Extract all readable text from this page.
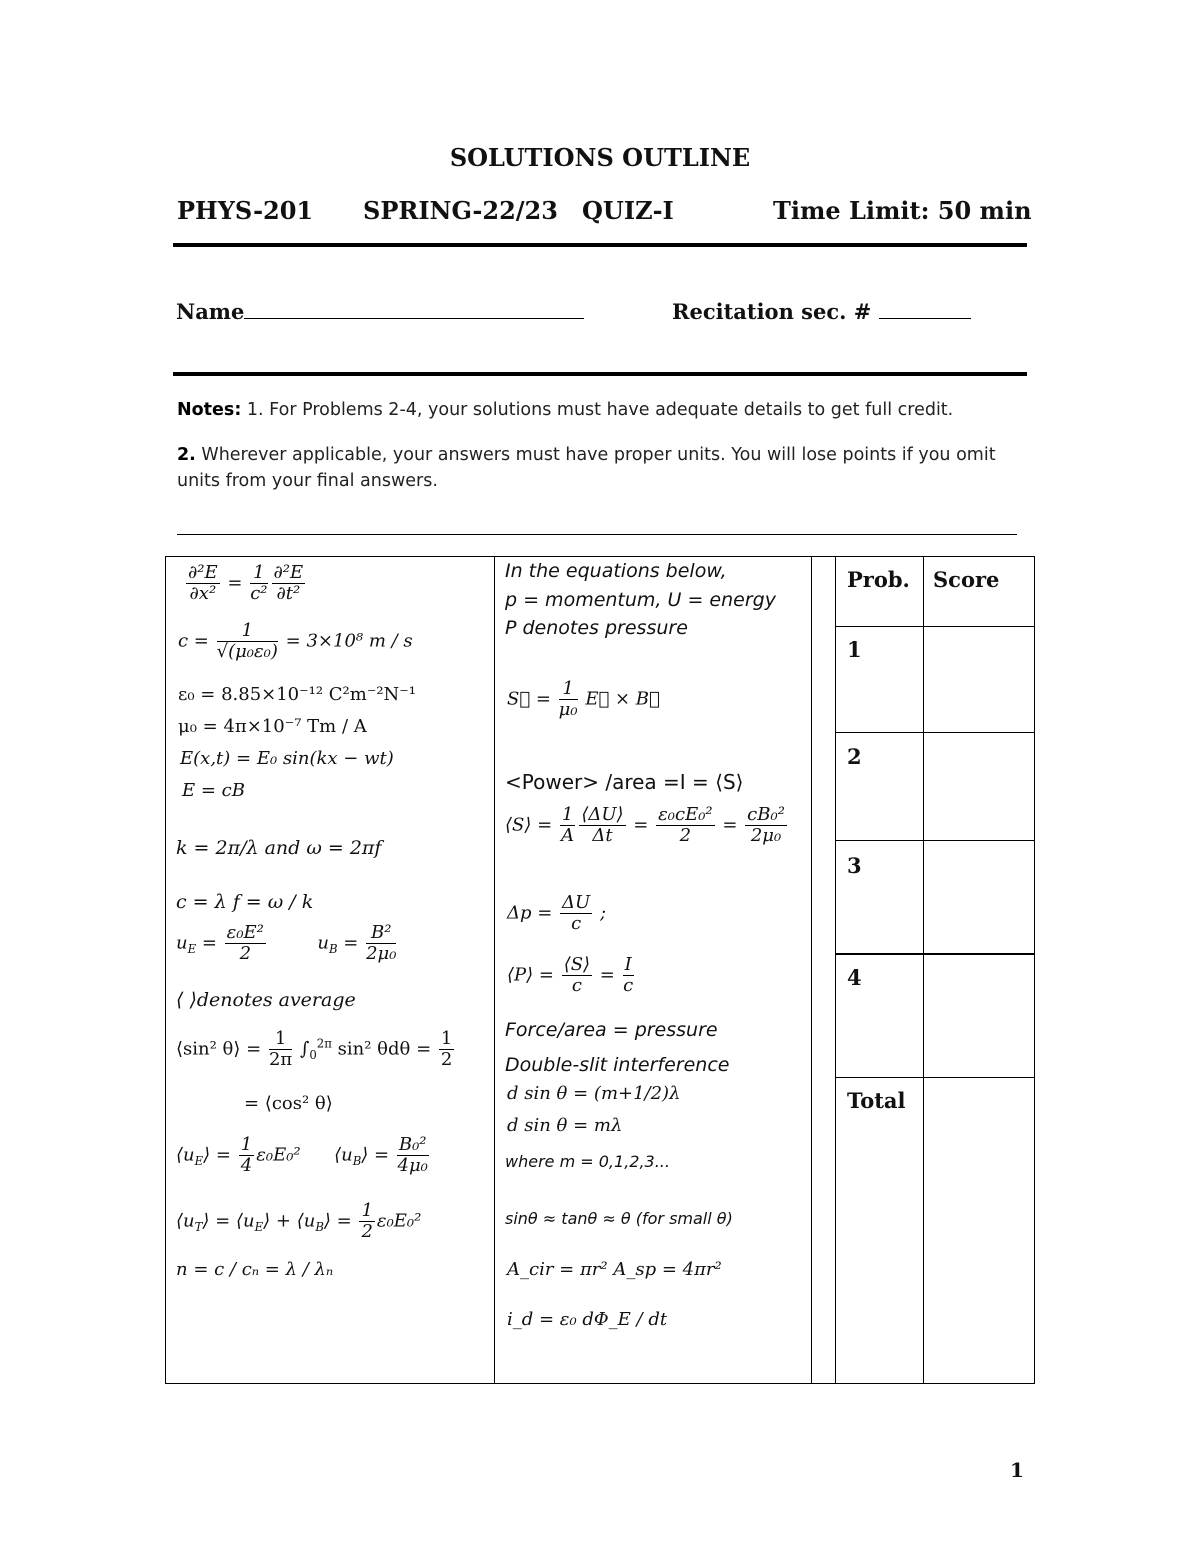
SOLUTIONS OUTLINE
PHYS-201 SPRING-22/23 QUIZ-I	Time Limit: 50 min
Name	Recitation sec. #
Notes: 1. For Problems 2-4, your solutions must have adequate details to get full credit.
2. Wherever applicable, your answers must have proper units. You will lose points if you omit units from your final answers.
Prob. Score
1
2
3
4
Total
$\frac{\text{∂²E}}{\text{∂x²}} = \frac{1}{\text{c²}} \frac{\text{∂²E}}{\text{∂t²}}$
$c = \frac{1}{\text{√(μ₀ε₀)}} = 3\times 10^8$ m / s
ε₀ = 8.85×10⁻¹² C²m⁻²N⁻¹
μ₀ = 4π×10⁻⁷ Tm / A
E(x,t) = E₀ sin(kx − wt)
E = cB
k = 2π/λ and ω = 2πf
c = λ f = ω / k
$u_E = \frac{\text{ε₀E²}}{2}$	$u_B = \frac{\text{B²}}{\text{2μ₀}}$
⟨ ⟩denotes average
⟨sin² θ⟩ = $\frac{1}{2\pi} \int_0^{2\pi}$ sin² $\theta d\theta = \frac{1}{2}$
= ⟨cos² θ⟩
$⟨u_E⟩ = \frac{1}{4} \varepsilon_0E_0^2$  $⟨u_B⟩ = \frac{\text{B₀²}}{\text{4μ₀}}$
$⟨u_T⟩$ = $⟨u_E⟩$ + $⟨u_B⟩ = \frac{1}{2} \varepsilon_0E_0^2$
n = c / cₙ = λ / λₙ
In the equations below,
p = momentum, U = energy
P denotes pressure
S⃗ = $\frac{1}{\text{μ₀}}$ E⃗ × B⃗
<Power> /area =I = ⟨S⟩
⟨S⟩ = $\frac{1}{A} \frac{⟨\Delta U⟩}{\Delta t} = \frac{\text{ε₀cE₀²}}{2} = \frac{\text{cB₀²}}{\text{2μ₀}}$
$\Delta p = \frac{\Delta U}{c}$ ;
⟨P⟩ = $\frac{⟨S⟩}{c} = \frac{I}{c}$
Force/area = pressure
Double-slit interference
d sin θ = (m+1/2)λ
d sin θ = mλ
where m = 0,1,2,3...
sinθ ≈ tanθ ≈ θ (for small θ)
A_cir = πr² A_sp = 4πr²
i_d = ε₀ dΦ_E / dt
1
